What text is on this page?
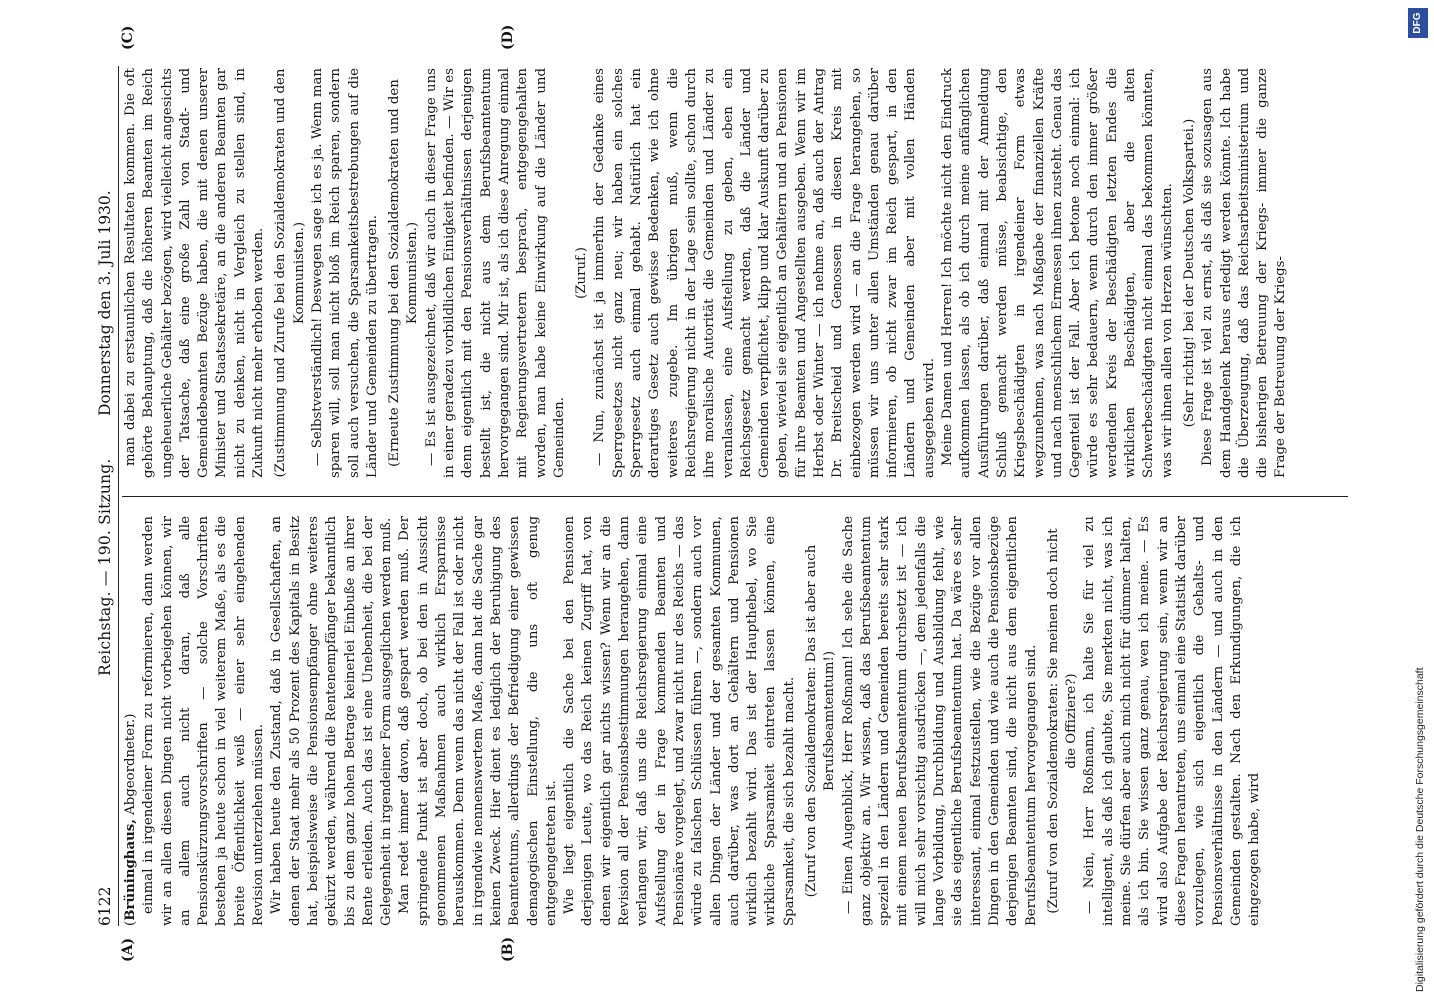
6122
Reichstag. — 190. Sitzung.
Donnerstag den 3. Juli 1930.

(Brüninghaus, Abgeordneter.) einmal in irgendeiner Form zu reformieren, dann werden wir an allen diesen Dingen nicht vorbeigehen können, wir an allem auch nicht daran, daß alle Pensionskürzungsvorschriften — solche Vorschriften bestehen ja heute schon in viel weiterem Maße, als es die breite Öffentlichkeit weiß — einer sehr eingehenden Revision unterziehen müssen. Wir haben heute den Zustand, daß in Gesellschaften, an denen der Staat mehr als 50 Prozent des Kapitals in Besitz hat, beispielsweise die Pensionsempfänger ohne weiteres gekürzt werden, während die Rentenempfänger bekanntlich bis zu dem ganz hohen Betrage keinerlei Einbuße an ihrer Rente erleiden. Auch das ist eine Unebenheit, die bei der Gelegenheit in irgendeiner Form ausgeglichen werden muß. Man redet immer davon, daß gespart werden muß. Der springende Punkt ist aber doch, ob bei den in Aussicht genommenen Maßnahmen auch wirklich Ersparnisse herauskommen. Denn wenn das nicht der Fall ist oder nicht in irgendwie nennenswertem Maße, dann hat die Sache gar keinen Zweck. Hier dient es lediglich der Beruhigung des Beamtentums, allerdings der Befriedigung einer gewissen demagogischen Einstellung, die uns oft genug entgegengetreten ist. Wie liegt eigentlich die Sache bei den Pensionen derjenigen Leute, wo das Reich keinen Zugriff hat, von denen wir eigentlich gar nichts wissen? Wenn wir an die Revision all der Pensionsbestimmungen herangehen, dann verlangen wir, daß uns die Reichsregierung einmal eine Aufstellung der in Frage kommenden Beamten und Pensionäre vorgelegt, und zwar nicht nur des Reichs — das würde zu falschen Schlüssen führen —, sondern auch vor allen Dingen der Länder und der gesamten Kommunen, auch darüber, was dort an Gehältern und Pensionen wirklich bezahlt wird. Das ist der Haupthebel, wo Sie wirkliche Sparsamkeit eintreten lassen können, eine Sparsamkeit, die sich bezahlt macht. (Zuruf von den Sozialdemokraten: Das ist aber auch Berufsbeamtentum!) — Einen Augenblick, Herr Roßmann! Ich sehe die Sache ganz objektiv an. Wir wissen, daß das Berufsbeamtentum speziell in den Ländern und Gemeinden bereits sehr stark mit einem neuen Berufsbeamtentum durchsetzt ist — ich will mich sehr vorsichtig ausdrücken —, dem jedenfalls die lange Vorbildung, Durchbildung und Ausbildung fehlt, wie sie das eigentliche Berufsbeamtentum hat. Da wäre es sehr interessant, einmal festzustellen, wie die Bezüge vor allen Dingen in den Gemeinden und wie auch die Pensionsbezüge derjenigen Beamten sind, die nicht aus dem eigentlichen Berufsbeamtentum hervorgegangen sind. (Zuruf von den Sozialdemokraten: Sie meinen doch nicht die Offiziere?) — Nein, Herr Roßmann, ich halte Sie für viel zu intelligent, als daß ich glaubte, Sie merkten nicht, was ich meine. Sie dürfen aber auch mich nicht für dümmer halten, als ich bin. Sie wissen ganz genau, wen ich meine. — Es wird also Aufgabe der Reichsregierung sein, wenn wir an diese Fragen herantreten, uns einmal eine Statistik darüber vorzulegen, wie sich eigentlich die Gehalts- und Pensionsverhältnisse in den Ländern — und auch in den Gemeinden gestalten. Nach den Erkundigungen, die ich eingezogen habe, wird

man dabei zu erstaunlichen Resultaten kommen. Die oft gehörte Behauptung, daß die höheren Beamten im Reich ungeheuerliche Gehälter bezögen, wird vielleicht angesichts der Tatsache, daß eine große Zahl von Stadt- und Gemeindebeamten Bezüge haben, die mit denen unserer Minister und Staatssekretäre, an die anderen Beamten gar nicht zu denken, nicht in Vergleich zu stellen sind, in Zukunft nicht mehr erhoben werden. (Zustimmung und Zurufe bei den Sozialdemokraten und den Kommunisten.) — Selbstverständlich! Deswegen sage ich es ja. Wenn man sparen will, soll man nicht bloß im Reich sparen, sondern soll auch versuchen, die Sparsamkeitsbestrebungen auf die Länder und Gemeinden zu übertragen. (Erneute Zustimmung bei den Sozialdemokraten und den Kommunisten.) — Es ist ausgezeichnet, daß wir auch in dieser Frage uns in einer geradezu vorbildlichen Einigkeit befinden. — Wir es denn eigentlich mit den Pensionsverhältnissen derjenigen bestellt ist, die nicht aus dem Berufsbeamtentum hervorgegangen sind. Mir ist, als ich diese Anregung einmal mit Regierungsvertretern besprach, entgegengehalten worden, man habe keine Einwirkung auf die Länder und Gemeinden.

(Zuruf.) — Nun, zunächst ist ja immerhin der Gedanke eines Sperrgesetzes nicht ganz neu; wir haben ein solches Sperrgesetz auch einmal gehabt. Natürlich hat ein derartiges Gesetz auch gewisse Bedenken, wie ich ohne weiteres zugebe. Im übrigen muß, wenn die Reichsregierung nicht in der Lage sein sollte, schon durch ihre moralische Autorität die Gemeinden und Länder zu veranlassen, eine Aufstellung zu geben, eben ein Reichsgesetz gemacht werden, daß die Länder und Gemeinden verpflichtet, klipp und klar Auskunft darüber zu geben, wieviel sie eigentlich an Gehältern und an Pensionen für ihre Beamten und Angestellten ausgeben. Wenn wir im Herbst oder Winter — ich nehme an, daß auch der Antrag Dr. Breitscheid und Genossen in diesen Kreis mit einbezogen werden wird — an die Frage herangehen, so müssen wir uns unter allen Umständen genau darüber informieren, ob nicht zwar im Reich gespart, in den Ländern und Gemeinden aber mit vollen Händen ausgegeben wird. Meine Damen und Herren! Ich möchte nicht den Eindruck aufkommen lassen, als ob ich durch meine anfänglichen Ausführungen darüber, daß einmal mit der Anmeldung Schluß gemacht werden müsse, beabsichtige, den Kriegsbeschädigten in irgendeiner Form etwas wegzunehmen, was nach Maßgabe der finanziellen Kräfte und nach menschlichem Ermessen ihnen zusteht. Genau das Gegenteil ist der Fall. Aber ich betone noch einmal: ich würde es sehr bedauern, wenn durch den immer größer werdenden Kreis der Beschädigten letzten Endes die wirklichen Beschädigten, aber die alten Schwerbeschädigten nicht einmal das bekommen könnten, was wir ihnen allen von Herzen wünschten. (Sehr richtig! bei der Deutschen Volkspartei.) Diese Frage ist viel zu ernst, als daß sie sozusagen aus dem Handgelenk heraus erledigt werden könnte. Ich habe die Überzeugung, daß das Reichsarbeitsministerium und die bisherigen Betreuung der Kriegs- immer die ganze Frage der Betreuung der Kriegs-

(A)	(B)
(C)	(D)
Digitalisierung gefördert durch die Deutsche Forschungsgemeinschaft
DFG
